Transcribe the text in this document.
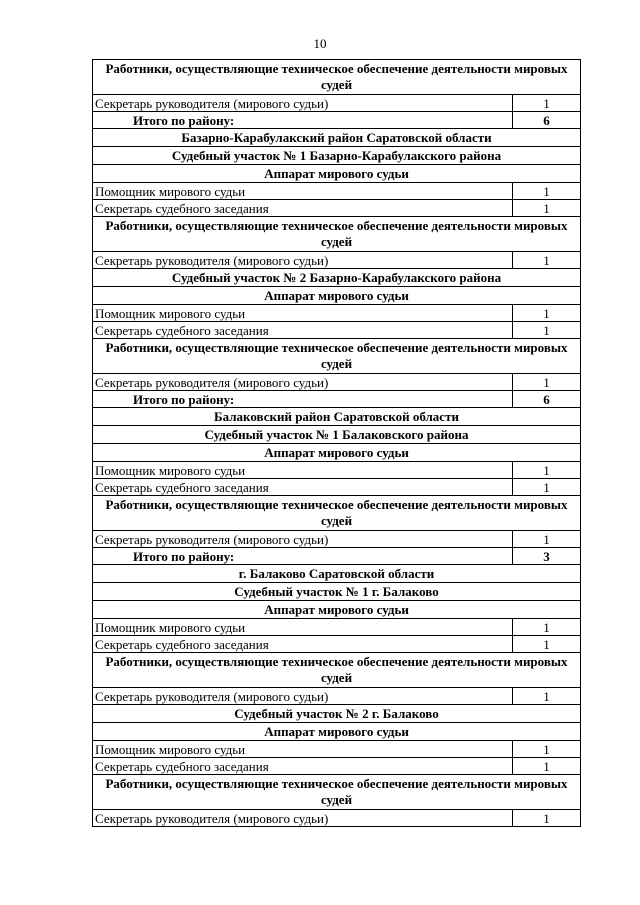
10
Работники, осуществляющие техническое обеспечение деятельности мировых судей	
Секретарь руководителя (мирового судьи)	1
Итого по району:	6
Базарно-Карабулакский район Саратовской области	
Судебный участок № 1 Базарно-Карабулакского района	
Аппарат мирового судьи	
Помощник мирового судьи	1
Секретарь судебного заседания	1
Работники, осуществляющие техническое обеспечение деятельности мировых судей	
Секретарь руководителя (мирового судьи)	1
Судебный участок № 2 Базарно-Карабулакского района	
Аппарат мирового судьи	
Помощник мирового судьи	1
Секретарь судебного заседания	1
Работники, осуществляющие техническое обеспечение деятельности мировых судей	
Секретарь руководителя (мирового судьи)	1
Итого по району:	6
Балаковский район Саратовской области	
Судебный участок № 1 Балаковского района	
Аппарат мирового судьи	
Помощник мирового судьи	1
Секретарь судебного заседания	1
Работники, осуществляющие техническое обеспечение деятельности мировых судей	
Секретарь руководителя (мирового судьи)	1
Итого по району:	3
г. Балаково Саратовской области	
Судебный участок № 1 г. Балаково	
Аппарат мирового судьи	
Помощник мирового судьи	1
Секретарь судебного заседания	1
Работники, осуществляющие техническое обеспечение деятельности мировых судей	
Секретарь руководителя (мирового судьи)	1
Судебный участок № 2 г. Балаково	
Аппарат мирового судьи	
Помощник мирового судьи	1
Секретарь судебного заседания	1
Работники, осуществляющие техническое обеспечение деятельности мировых судей	
Секретарь руководителя (мирового судьи)	1
